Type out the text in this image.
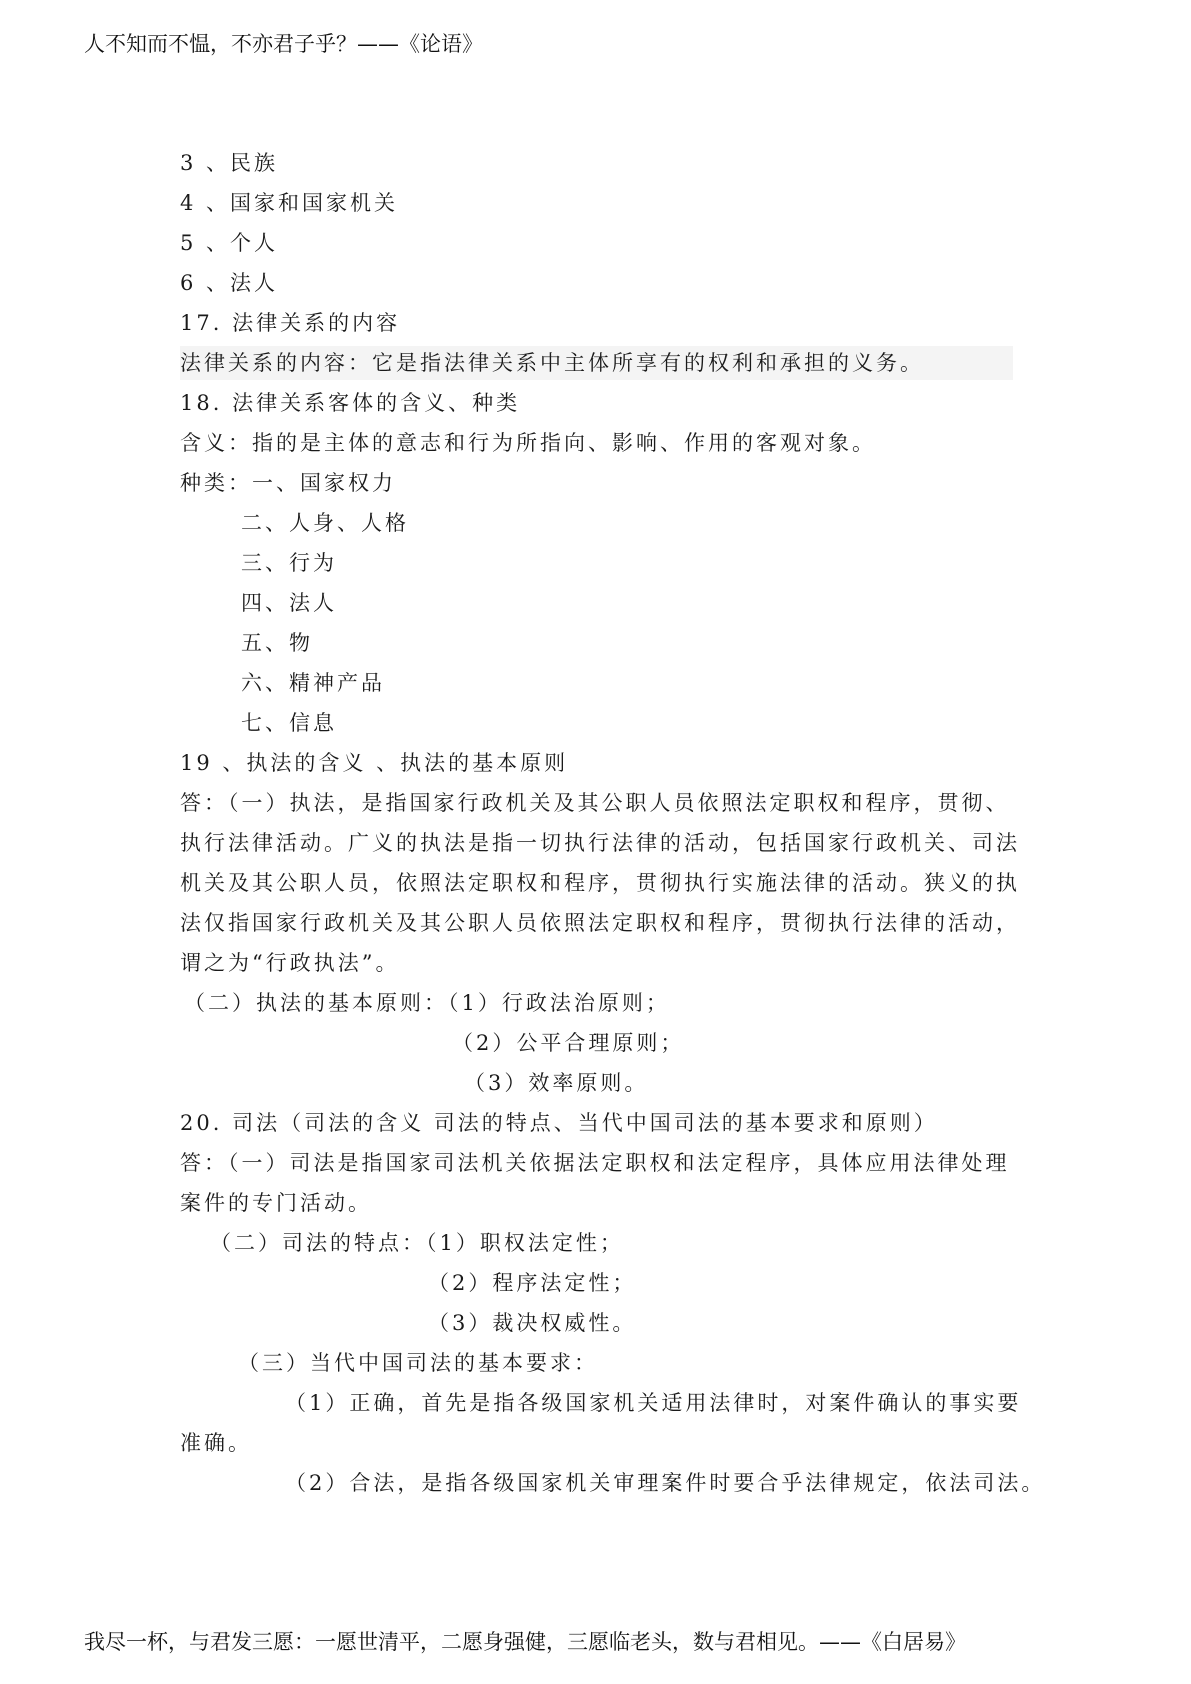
人不知而不愠，不亦君子乎？——《论语》
3 、民族
4 、国家和国家机关
5 、个人
6 、法人
17. 法律关系的内容
法律关系的内容：它是指法律关系中主体所享有的权利和承担的义务。
18. 法律关系客体的含义、种类
含义：指的是主体的意志和行为所指向、影响、作用的客观对象。
种类：一、国家权力
二、人身、人格
三、行为
四、法人
五、物
六、精神产品
七、信息
19 、执法的含义 、执法的基本原则
答：（一）执法，是指国家行政机关及其公职人员依照法定职权和程序，贯彻、
执行法律活动。广义的执法是指一切执行法律的活动，包括国家行政机关、司法
机关及其公职人员，依照法定职权和程序，贯彻执行实施法律的活动。狭义的执
法仅指国家行政机关及其公职人员依照法定职权和程序，贯彻执行法律的活动，
谓之为“行政执法”。
（二）执法的基本原则：（1）行政法治原则；
（2）公平合理原则；
（3）效率原则。
20. 司法（司法的含义 司法的特点、当代中国司法的基本要求和原则）
答：（一）司法是指国家司法机关依据法定职权和法定程序，具体应用法律处理
案件的专门活动。
（二）司法的特点：（1）职权法定性；
（2）程序法定性；
（3）裁决权威性。
（三）当代中国司法的基本要求：
（1）正确，首先是指各级国家机关适用法律时，对案件确认的事实要
准确。
（2）合法，是指各级国家机关审理案件时要合乎法律规定，依法司法。
我尽一杯，与君发三愿：一愿世清平，二愿身强健，三愿临老头，数与君相见。——《白居易》
